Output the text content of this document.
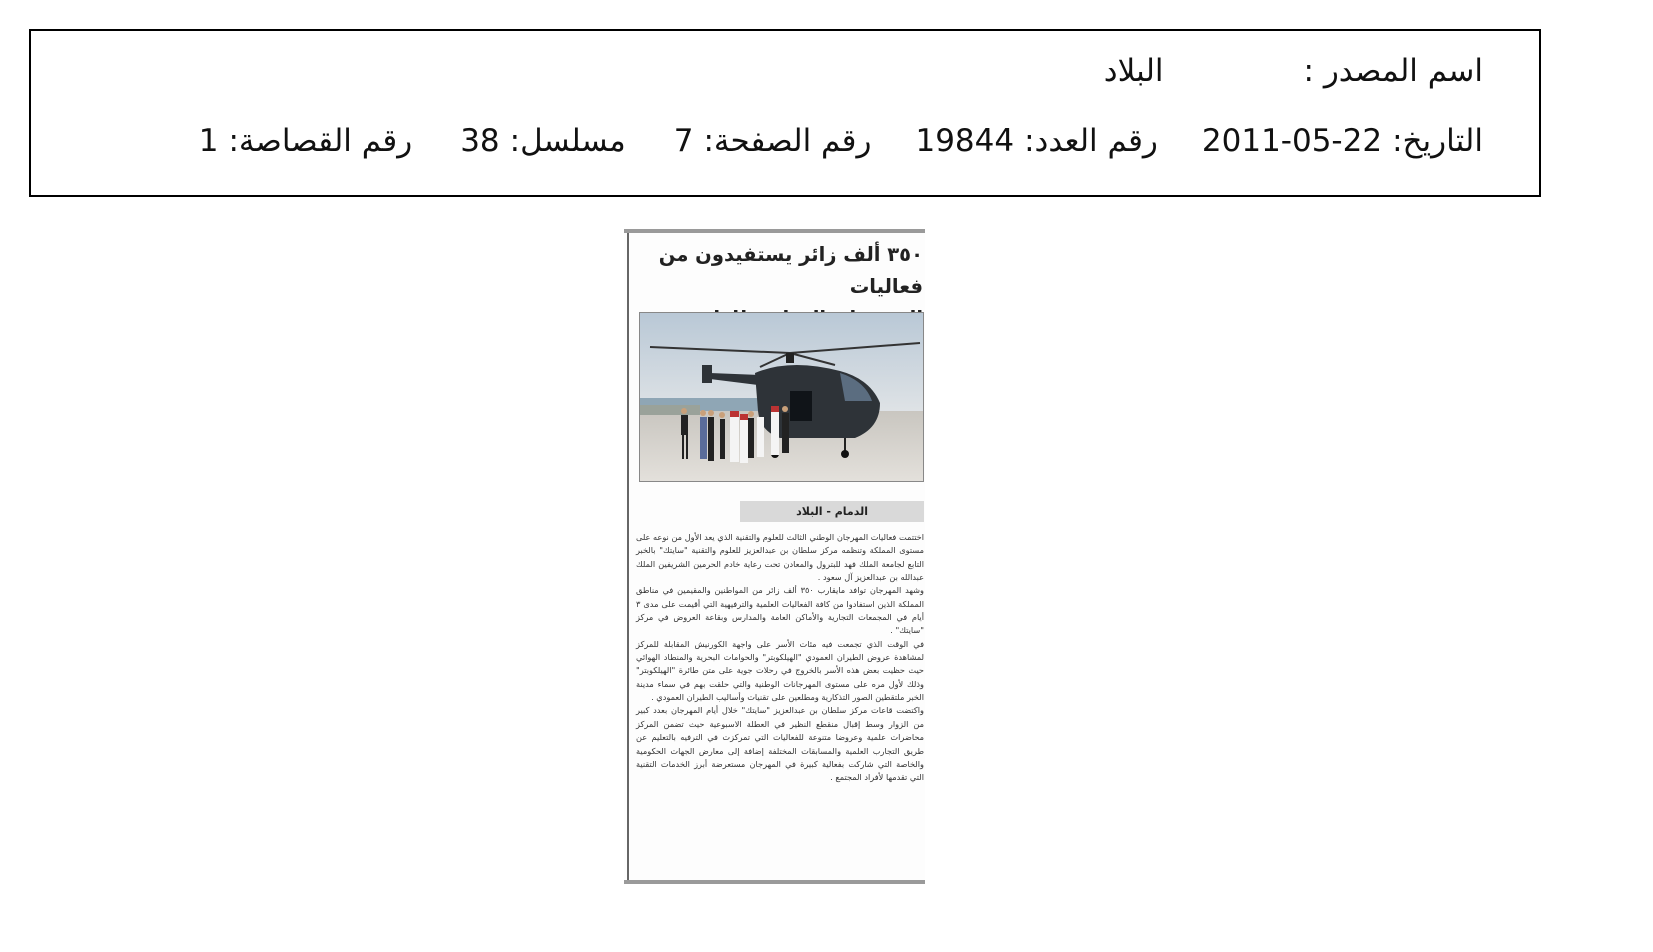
اسم المصدر :البلاد
التاريخ:2011-05-22رقم العدد:19844رقم الصفحة:7مسلسل:38رقم القصاصة:1
٣٥٠ ألف زائر يستفيدون من فعاليات
الدمام - البلاد

اختتمت فعاليات المهرجان الوطني الثالث للعلوم والتقنية الذي يعد الأول من نوعه على مستوى المملكة وتنظمه مركز سلطان بن عبدالعزيز للعلوم والتقنية "سايتك" بالخبر التابع لجامعة الملك فهد للبترول والمعادن تحت رعاية خادم الحرمين الشريفين الملك عبدالله بن عبدالعزيز آل سعود .

وشهد المهرجان توافد مايقارب ٣٥٠ ألف زائر من المواطنين والمقيمين في مناطق المملكة الذين استفادوا من كافة الفعاليات العلمية والترفيهية التي أقيمت على مدى ٣ أيام في المجمعات التجارية والأماكن العامة والمدارس وبقاعة العروض في مركز "سايتك" .

في الوقت الذي تجمعت فيه مئات الأسر على واجهة الكورنيش المقابلة للمركز لمشاهدة عروض الطيران العمودي "الهيلكوبتر" والحوامات البحرية والمنطاد الهوائي حيث حظيت بعض هذه الأسر بالخروج في رحلات جوية على متن طائرة "الهيلكوبتر" وذلك لأول مره على مستوى المهرجانات الوطنية والتي حلقت بهم في سماء مدينة الخبر ملتقطين الصور التذكارية ومطلعين على تقنيات وأساليب الطيران العمودي .

واكتضت قاعات مركز سلطان بن عبدالعزيز "سايتك" خلال أيام المهرجان بعدد كبير من الزوار وسط إقبال منقطع النظير في العطلة الاسبوعية حيث تضمن المركز محاضرات علمية وعروضا متنوعة للفعاليات التي تمركزت في الترفيه بالتعليم عن طريق التجارب العلمية والمسابقات المختلفة إضافة إلى معارض الجهات الحكومية والخاصة التي شاركت بفعالية كبيرة في المهرجان مستعرضة أبرز الخدمات التقنية التي تقدمها لأفراد المجتمع .
